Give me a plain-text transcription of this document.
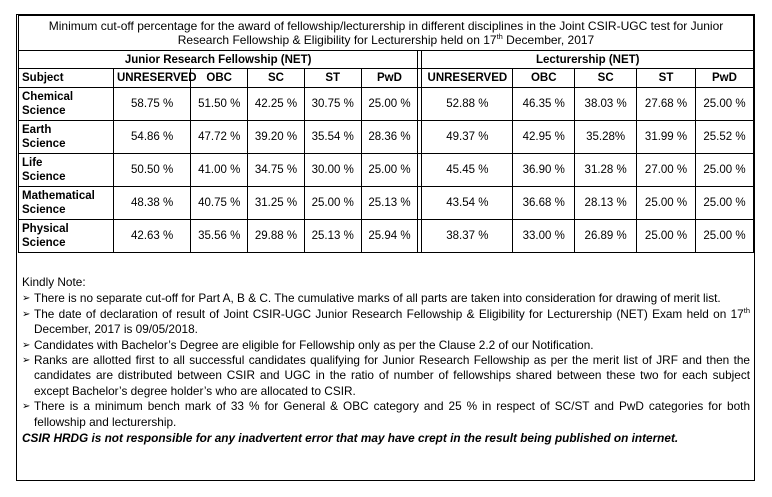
Minimum cut-off percentage for the award of fellowship/lecturership in different disciplines in the Joint CSIR-UGC test for Junior
Research Fellowship & Eligibility for Lecturership held on 17th December, 2017											
Junior Research Fellowship (NET)							Lecturership (NET)				
Subject	UNRESERVED	OBC	SC	ST	PwD		UNRESERVED	OBC	SC	ST	PwD
Chemical
Science	58.75 %	51.50 %	42.25 %	30.75 %	25.00 %		52.88 %	46.35 %	38.03 %	27.68 %	25.00 %
Earth
Science	54.86 %	47.72 %	39.20 %	35.54 %	28.36 %		49.37 %	42.95 %	35.28%	31.99 %	25.52 %
Life
Science	50.50 %	41.00 %	34.75 %	30.00 %	25.00 %		45.45 %	36.90 %	31.28 %	27.00 %	25.00 %
Mathematical
Science	48.38 %	40.75 %	31.25 %	25.00 %	25.13 %		43.54 %	36.68 %	28.13 %	25.00 %	25.00 %
Physical
Science	42.63 %	35.56 %	29.88 %	25.13 %	25.94 %		38.37 %	33.00 %	26.89 %	25.00 %	25.00 %
Kindly Note:
➢ There is no separate cut-off for Part A, B & C. The cumulative marks of all parts are taken into consideration for drawing of merit list.
➢ The date of declaration of result of Joint CSIR-UGC Junior Research Fellowship & Eligibility for Lecturership (NET) Exam held on 17th December, 2017 is 09/05/2018.
➢ Candidates with Bachelor’s Degree are eligible for Fellowship only as per the Clause 2.2 of our Notification.
➢ Ranks are allotted first to all successful candidates qualifying for Junior Research Fellowship as per the merit list of JRF and then the candidates are distributed between CSIR and UGC in the ratio of number of fellowships shared between these two for each subject except Bachelor’s degree holder’s who are allocated to CSIR.
➢ There is a minimum bench mark of 33 % for General & OBC category and 25 % in respect of SC/ST and PwD categories for both fellowship and lecturership.
CSIR HRDG is not responsible for any inadvertent error that may have crept in the result being published on internet.
